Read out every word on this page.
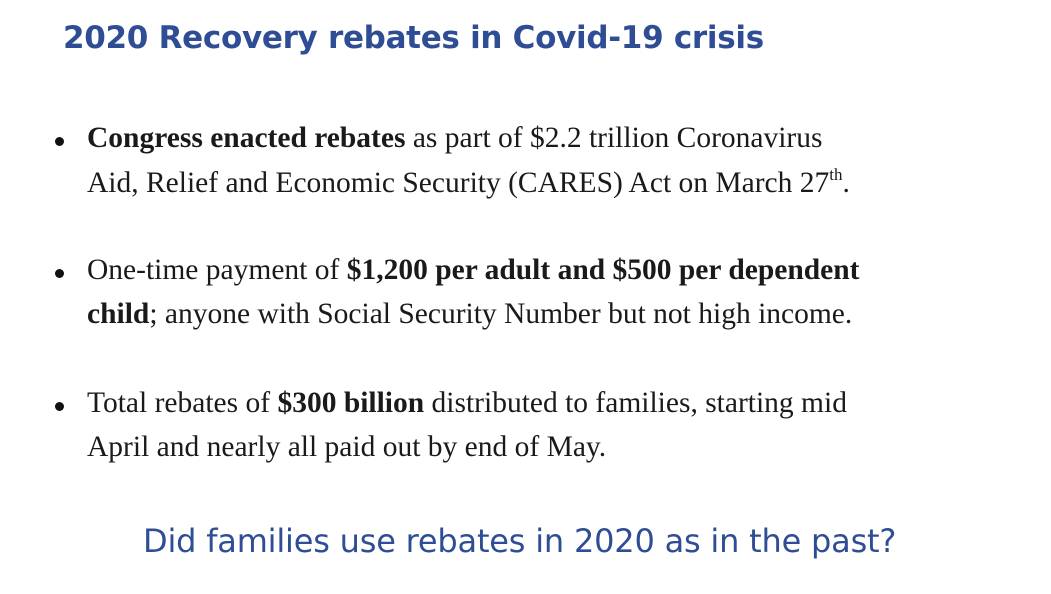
2020 Recovery rebates in Covid-19 crisis
Congress enacted rebates as part of $2.2 trillion Coronavirus
Aid, Relief and Economic Security (CARES) Act on March 27th.
One-time payment of $1,200 per adult and $500 per dependent
child; anyone with Social Security Number but not high income.
Total rebates of $300 billion distributed to families, starting mid
April and nearly all paid out by end of May.
Did families use rebates in 2020 as in the past?
